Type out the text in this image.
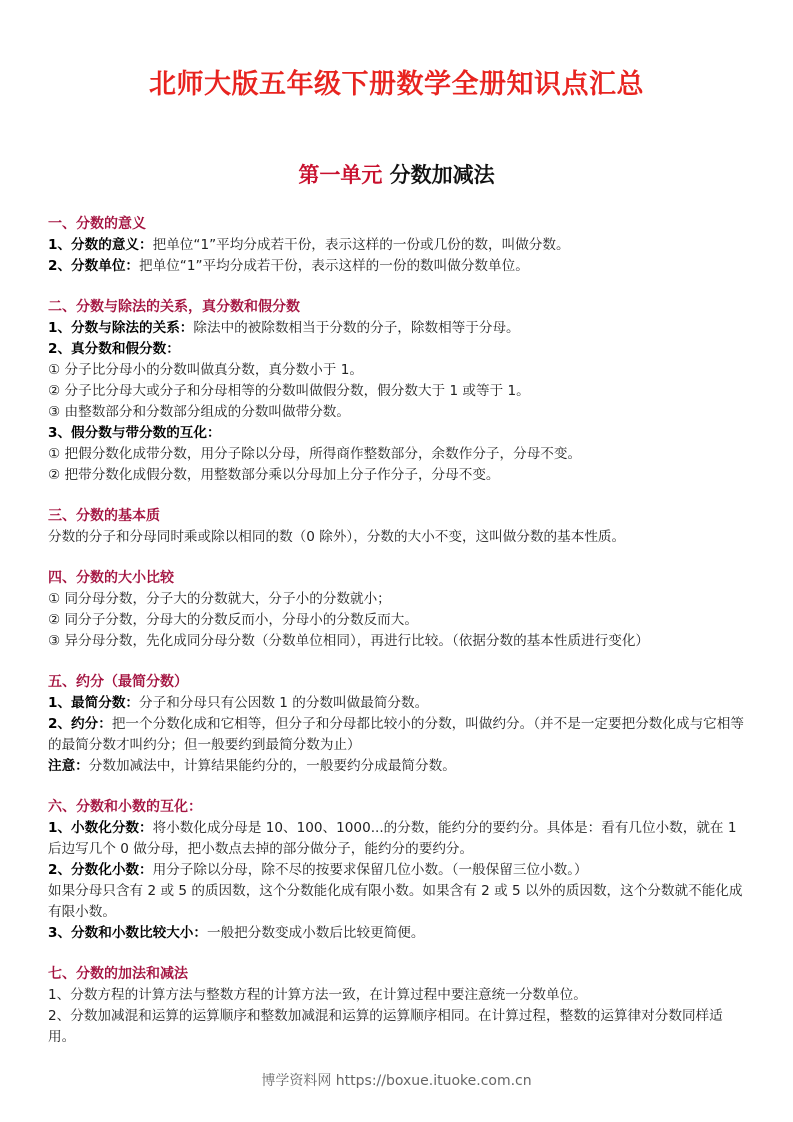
北师大版五年级下册数学全册知识点汇总
第一单元 分数加减法
一、分数的意义
1、分数的意义：把单位“1”平均分成若干份，表示这样的一份或几份的数，叫做分数。
2、分数单位：把单位“1”平均分成若干份，表示这样的一份的数叫做分数单位。
二、分数与除法的关系，真分数和假分数
1、分数与除法的关系：除法中的被除数相当于分数的分子，除数相等于分母。
2、真分数和假分数：
① 分子比分母小的分数叫做真分数，真分数小于 1。
② 分子比分母大或分子和分母相等的分数叫做假分数，假分数大于 1 或等于 1。
③ 由整数部分和分数部分组成的分数叫做带分数。
3、假分数与带分数的互化：
① 把假分数化成带分数，用分子除以分母，所得商作整数部分，余数作分子，分母不变。
② 把带分数化成假分数，用整数部分乘以分母加上分子作分子，分母不变。
三、分数的基本质
分数的分子和分母同时乘或除以相同的数（0 除外），分数的大小不变，这叫做分数的基本性质。
四、分数的大小比较
① 同分母分数，分子大的分数就大，分子小的分数就小；
② 同分子分数，分母大的分数反而小，分母小的分数反而大。
③ 异分母分数，先化成同分母分数（分数单位相同），再进行比较。（依据分数的基本性质进行变化）
五、约分（最简分数）
1、最简分数：分子和分母只有公因数 1 的分数叫做最简分数。
2、约分：把一个分数化成和它相等，但分子和分母都比较小的分数，叫做约分。（并不是一定要把分数化成与它相等的最简分数才叫约分；但一般要约到最简分数为止）
注意：分数加减法中，计算结果能约分的，一般要约分成最简分数。
六、分数和小数的互化：
1、小数化分数：将小数化成分母是 10、100、1000...的分数，能约分的要约分。具体是：看有几位小数，就在 1 后边写几个 0 做分母，把小数点去掉的部分做分子，能约分的要约分。
2、分数化小数：用分子除以分母，除不尽的按要求保留几位小数。（一般保留三位小数。）
如果分母只含有 2 或 5 的质因数，这个分数能化成有限小数。如果含有 2 或 5 以外的质因数，这个分数就不能化成有限小数。
3、分数和小数比较大小：一般把分数变成小数后比较更简便。
七、分数的加法和减法
1、分数方程的计算方法与整数方程的计算方法一致，在计算过程中要注意统一分数单位。
2、分数加减混和运算的运算顺序和整数加减混和运算的运算顺序相同。在计算过程，整数的运算律对分数同样适用。
博学资料网 https://boxue.ituoke.com.cn
